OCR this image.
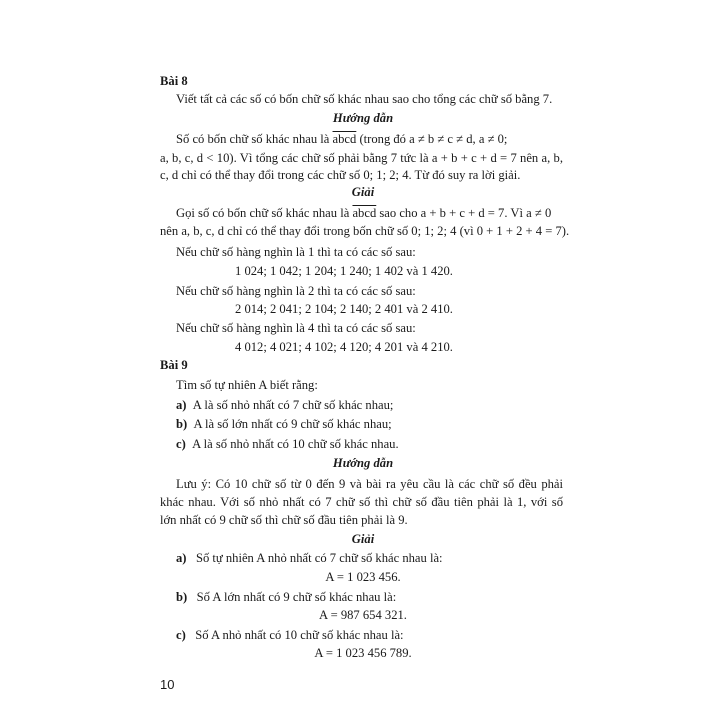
Bài 8
Viết tất cả các số có bốn chữ số khác nhau sao cho tổng các chữ số bằng 7.
Hướng dẫn
Số có bốn chữ số khác nhau là abcd (trong đó a ≠ b ≠ c ≠ d, a ≠ 0;
a, b, c, d < 10). Vì tổng các chữ số phải bằng 7 tức là a + b + c + d = 7 nên a, b,
c, d chỉ có thể thay đổi trong các chữ số 0; 1; 2; 4. Từ đó suy ra lời giải.
Giải
Gọi số có bốn chữ số khác nhau là abcd sao cho a + b + c + d = 7. Vì a ≠ 0
nên a, b, c, d chỉ có thể thay đổi trong bốn chữ số 0; 1; 2; 4 (vì 0 + 1 + 2 + 4 = 7).
Nếu chữ số hàng nghìn là 1 thì ta có các số sau:
1 024; 1 042; 1 204; 1 240; 1 402 và 1 420.
Nếu chữ số hàng nghìn là 2 thì ta có các số sau:
2 014; 2 041; 2 104; 2 140; 2 401 và 2 410.
Nếu chữ số hàng nghìn là 4 thì ta có các số sau:
4 012; 4 021; 4 102; 4 120; 4 201 và 4 210.
Bài 9
Tìm số tự nhiên A biết rằng:
a) A là số nhỏ nhất có 7 chữ số khác nhau;
b) A là số lớn nhất có 9 chữ số khác nhau;
c) A là số nhỏ nhất có 10 chữ số khác nhau.
Hướng dẫn
Lưu ý: Có 10 chữ số từ 0 đến 9 và bài ra yêu cầu là các chữ số đều phải
khác nhau. Với số nhỏ nhất có 7 chữ số thì chữ số đầu tiên phải là 1, với số
lớn nhất có 9 chữ số thì chữ số đầu tiên phải là 9.
Giải
a) Số tự nhiên A nhỏ nhất có 7 chữ số khác nhau là:
A = 1 023 456.
b) Số A lớn nhất có 9 chữ số khác nhau là:
A = 987 654 321.
c) Số A nhỏ nhất có 10 chữ số khác nhau là:
A = 1 023 456 789.
10
